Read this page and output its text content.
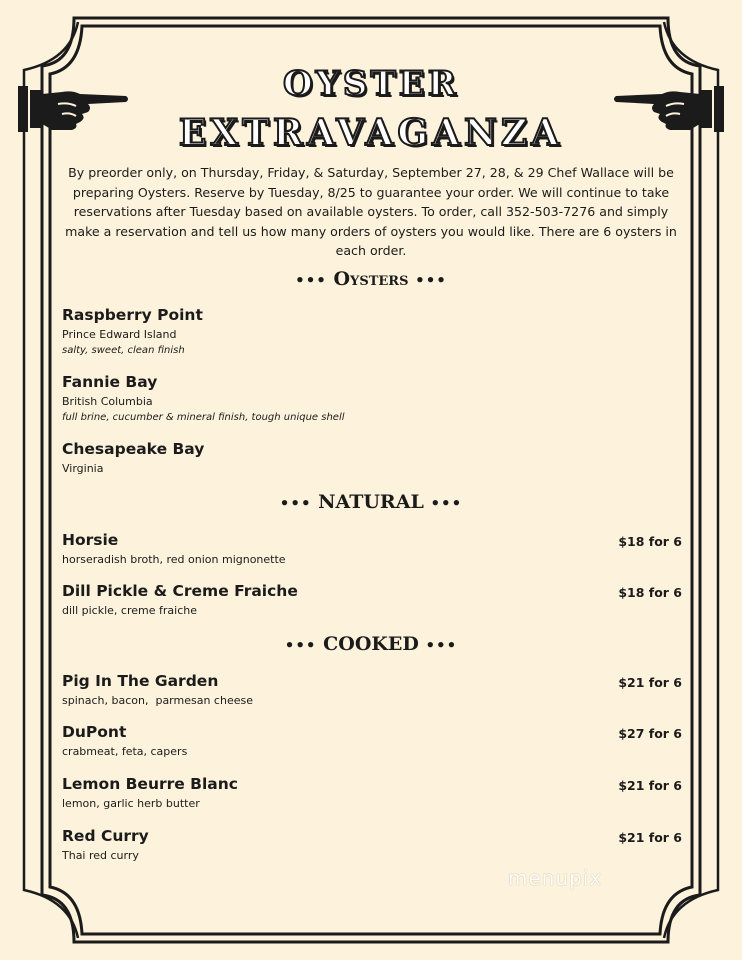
OYSTER
EXTRAVAGANZA
By preorder only, on Thursday, Friday, & Saturday, September 27, 28, & 29 Chef Wallace will be preparing Oysters. Reserve by Tuesday, 8/25 to guarantee your order. We will continue to take reservations after Tuesday based on available oysters. To order, call 352-503-7276 and simply make a reservation and tell us how many orders of oysters you would like. There are 6 oysters in each order.
••• Oysters •••
Raspberry Point
Prince Edward Island
salty, sweet, clean finish
Fannie Bay
British Columbia
full brine, cucumber & mineral finish, tough unique shell
Chesapeake Bay
Virginia
••• NATURAL •••
Horsie
horseradish broth, red onion mignonette
$18 for 6
Dill Pickle & Creme Fraiche
dill pickle, creme fraiche
$18 for 6
••• COOKED •••
Pig In The Garden
spinach, bacon,  parmesan cheese
$21 for 6
DuPont
crabmeat, feta, capers
$27 for 6
Lemon Beurre Blanc
lemon, garlic herb butter
$21 for 6
Red Curry
Thai red curry
$21 for 6
menupix
